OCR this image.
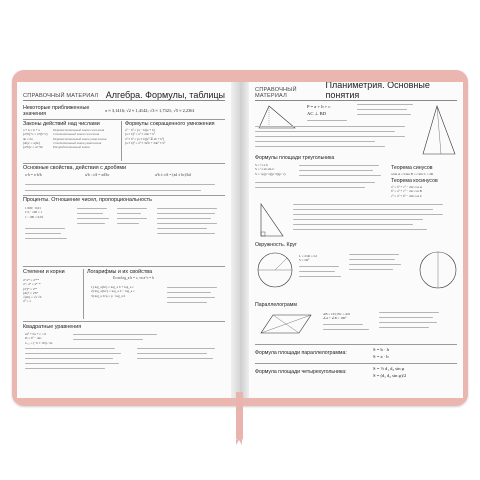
СПРАВОЧНЫЙ МАТЕРИАЛ Алгебра. Формулы, таблицы
Некоторые приближенные
значения
π ≈ 3,1416; √2 ≈ 1,4142; √3 ≈ 1,7321; √5 ≈ 2,2361
Законы действий над числами	Формулы сокращенного умножения
a + b = b + a
(a+b)+c = a+(b+c)
ab = ba
(ab)c = a(bc)
(a+b)c = ac+bc
Переместительный закон сложения
Сочетательный закон сложения
Переместительный закон умножения
Сочетательный закон умножения
Распределительный закон
a² − b² = (a − b)(a + b)
(a ± b)² = a² ± 2ab + b²
a³ ± b³ = (a ± b)(a² ∓ ab + b²)
(a ± b)³ = a³ ± 3a²b + 3ab² ± b³
Основные свойства, действия с дробями
a·b = a·b/b	a/b : c/d = ad/bc	a/b ± c/d = (ad ± bc)/bd
Проценты. Отношение чисел, пропорциональность
1 000 · 0,01
1% · 100 = 1
1 : 100 = 0,01
Степени и корни	Логарифмы и их свойства
aⁿ·aᵐ = aⁿ⁺ᵐ
aⁿ : aᵐ = aⁿ⁻ᵐ
(aⁿ)ᵐ = aⁿᵐ
(ab)ⁿ = aⁿbⁿ
√(ab) = √a·√b
a⁰ = 1
Если log_a b = c, то a^c = b
1) log_a(bc) = log_a b + log_a c
2) log_a(b/c) = log_a b − log_a c
3) log_a b^p = p · log_a b
Квадратные уравнения
ax² + bx + c = 0
D = b² − 4ac
x₁,₂ = (−b ± √D) / 2a
СПРАВОЧНЫЙ МАТЕРИАЛ
Планиметрия. Основные понятия
P = a + b + c
AC ⊥ BD
Формулы площади треугольника
S = ½ a·h
S = ½ ab sin C
S = √p(p−a)(p−b)(p−c)
Теорема синусов
a/sin A = b/sin B = c/sin C = 2R
Теорема косинусов
a² = b² + c² − 2bc cos A
b² = a² + c² − 2ac cos B
c² = a² + b² − 2ab cos C
Окружность. Круг
L = 2πR = πd
S = πR²
Параллелограмм
AB = CD; BC = AD
∠A + ∠B = 180°
Формула площади параллелограмма:
S = b · h
S = a · b
Формула площади четырехугольника:
S = ½ d₁ d₂ sin φ
S = (d₁ d₂ sin φ)/2
